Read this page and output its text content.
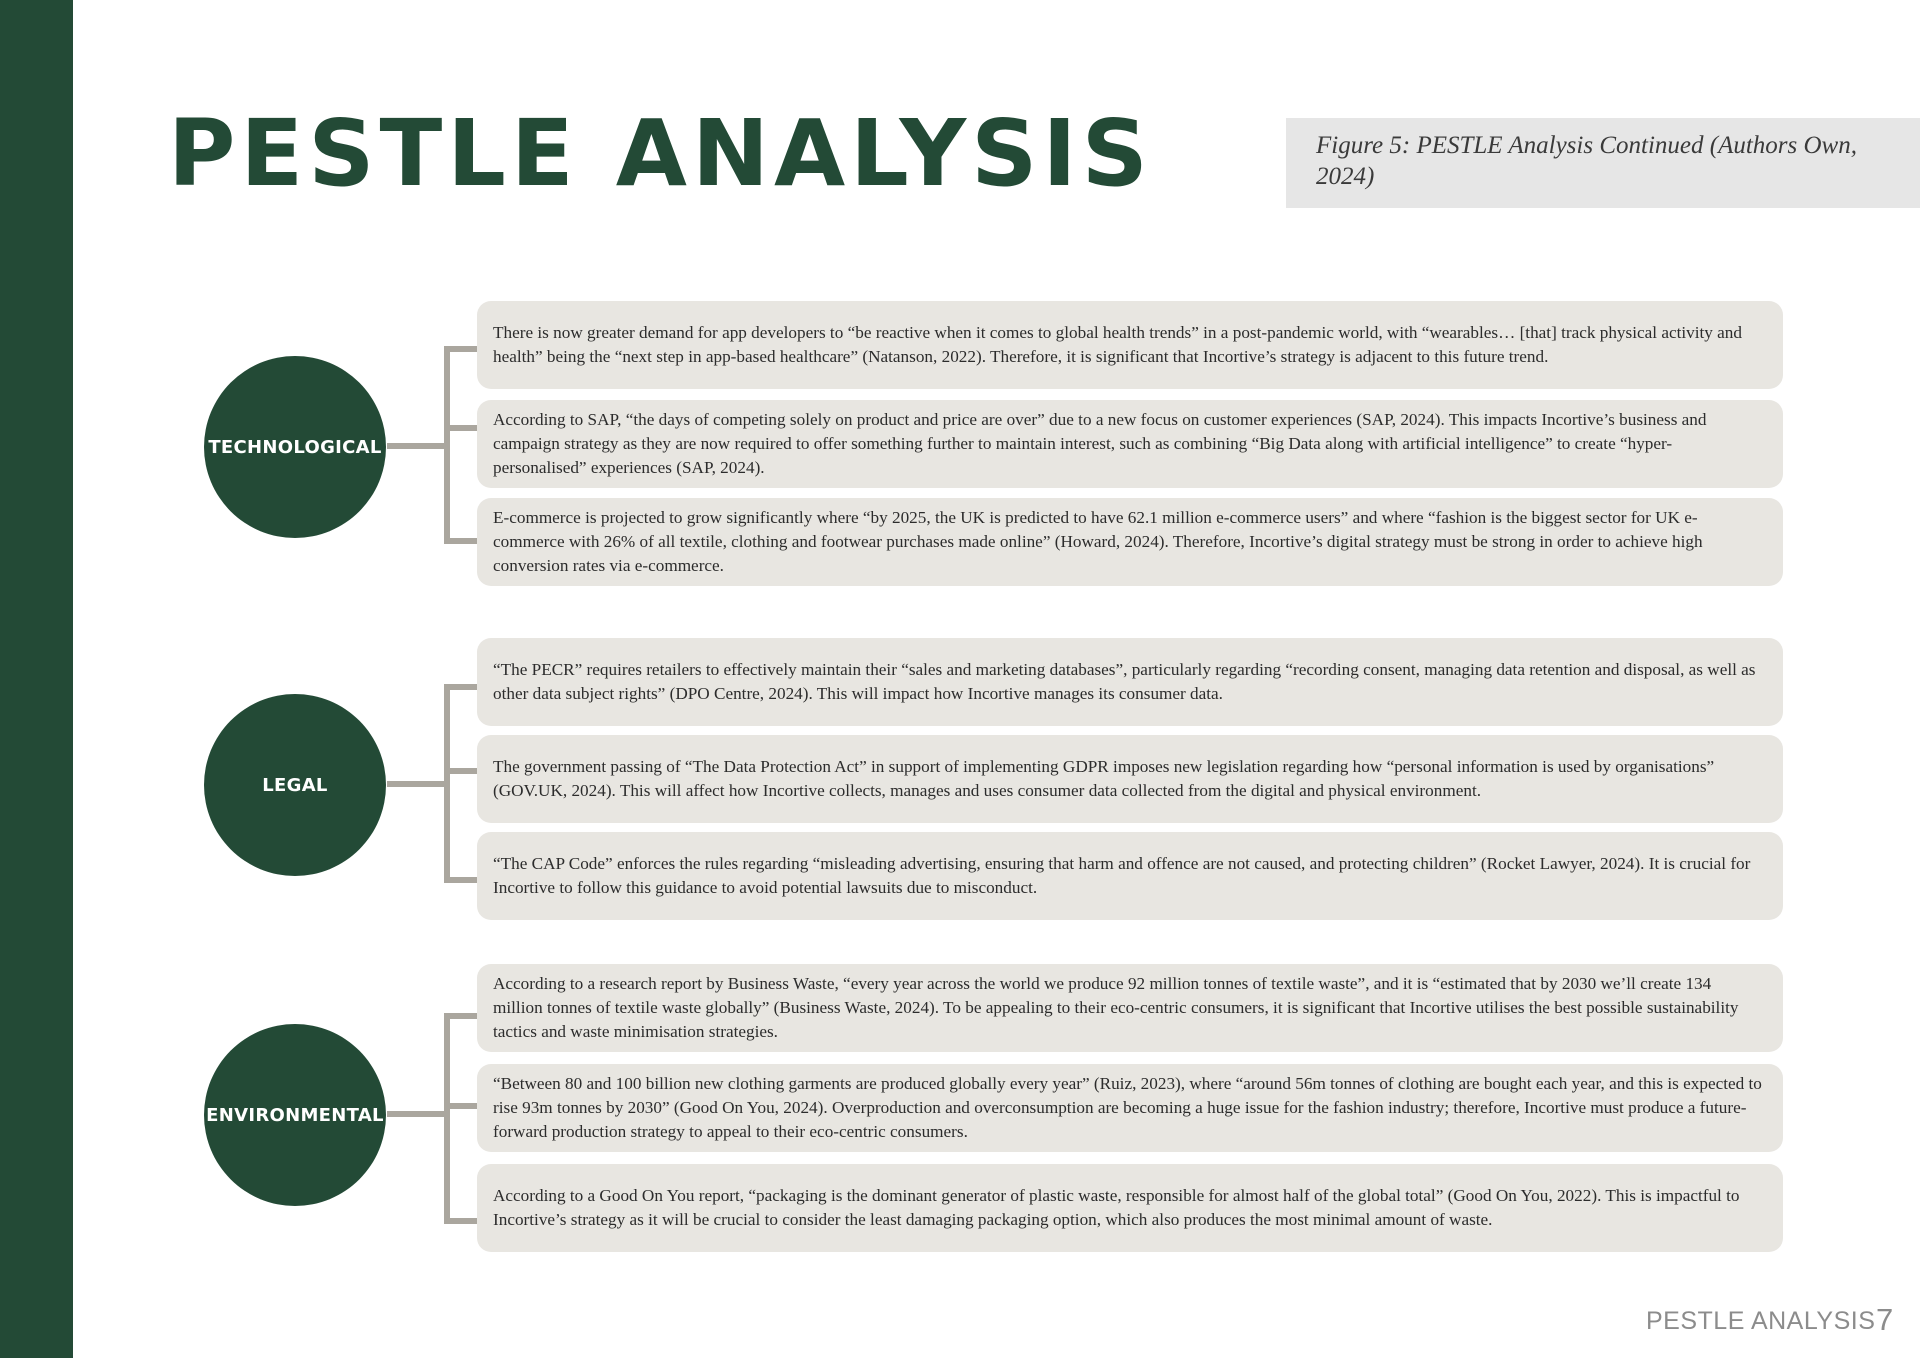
PESTLE ANALYSIS	Figure 5: PESTLE Analysis Continued (Authors Own, 2024)
TECHNOLOGICAL
There is now greater demand for app developers to “be reactive when it comes to global health trends” in a post-pandemic world, with “wearables… [that] track physical activity and health” being the “next step in app-based healthcare” (Natanson, 2022). Therefore, it is significant that Incortive’s strategy is adjacent to this future trend.
According to SAP, “the days of competing solely on product and price are over” due to a new focus on customer experiences (SAP, 2024). This impacts Incortive’s business and campaign strategy as they are now required to offer something further to maintain interest, such as combining “Big Data along with artificial intelligence” to create “hyper-personalised” experiences (SAP, 2024).
E-commerce is projected to grow significantly where “by 2025, the UK is predicted to have 62.1 million e-commerce users” and where “fashion is the biggest sector for UK e-commerce with 26% of all textile, clothing and footwear purchases made online” (Howard, 2024). Therefore, Incortive’s digital strategy must be strong in order to achieve high conversion rates via e-commerce.
LEGAL
“The PECR” requires retailers to effectively maintain their “sales and marketing databases”, particularly regarding “recording consent, managing data retention and disposal, as well as other data subject rights” (DPO Centre, 2024). This will impact how Incortive manages its consumer data.
The government passing of “The Data Protection Act” in support of implementing GDPR imposes new legislation regarding how “personal information is used by organisations” (GOV.UK, 2024). This will affect how Incortive collects, manages and uses consumer data collected from the digital and physical environment.
“The CAP Code” enforces the rules regarding “misleading advertising, ensuring that harm and offence are not caused, and protecting children” (Rocket Lawyer, 2024). It is crucial for Incortive to follow this guidance to avoid potential lawsuits due to misconduct.
ENVIRONMENTAL
According to a research report by Business Waste, “every year across the world we produce 92 million tonnes of textile waste”, and it is “estimated that by 2030 we’ll create 134 million tonnes of textile waste globally” (Business Waste, 2024). To be appealing to their eco-centric consumers, it is significant that Incortive utilises the best possible sustainability tactics and waste minimisation strategies.
“Between 80 and 100 billion new clothing garments are produced globally every year” (Ruiz, 2023), where “around 56m tonnes of clothing are bought each year, and this is expected to rise 93m tonnes by 2030” (Good On You, 2024). Overproduction and overconsumption are becoming a huge issue for the fashion industry; therefore, Incortive must produce a future-forward production strategy to appeal to their eco-centric consumers.
According to a Good On You report, “packaging is the dominant generator of plastic waste, responsible for almost half of the global total” (Good On You, 2022). This is impactful to Incortive’s strategy as it will be crucial to consider the least damaging packaging option, which also produces the most minimal amount of waste.
PESTLE ANALYSIS 7
